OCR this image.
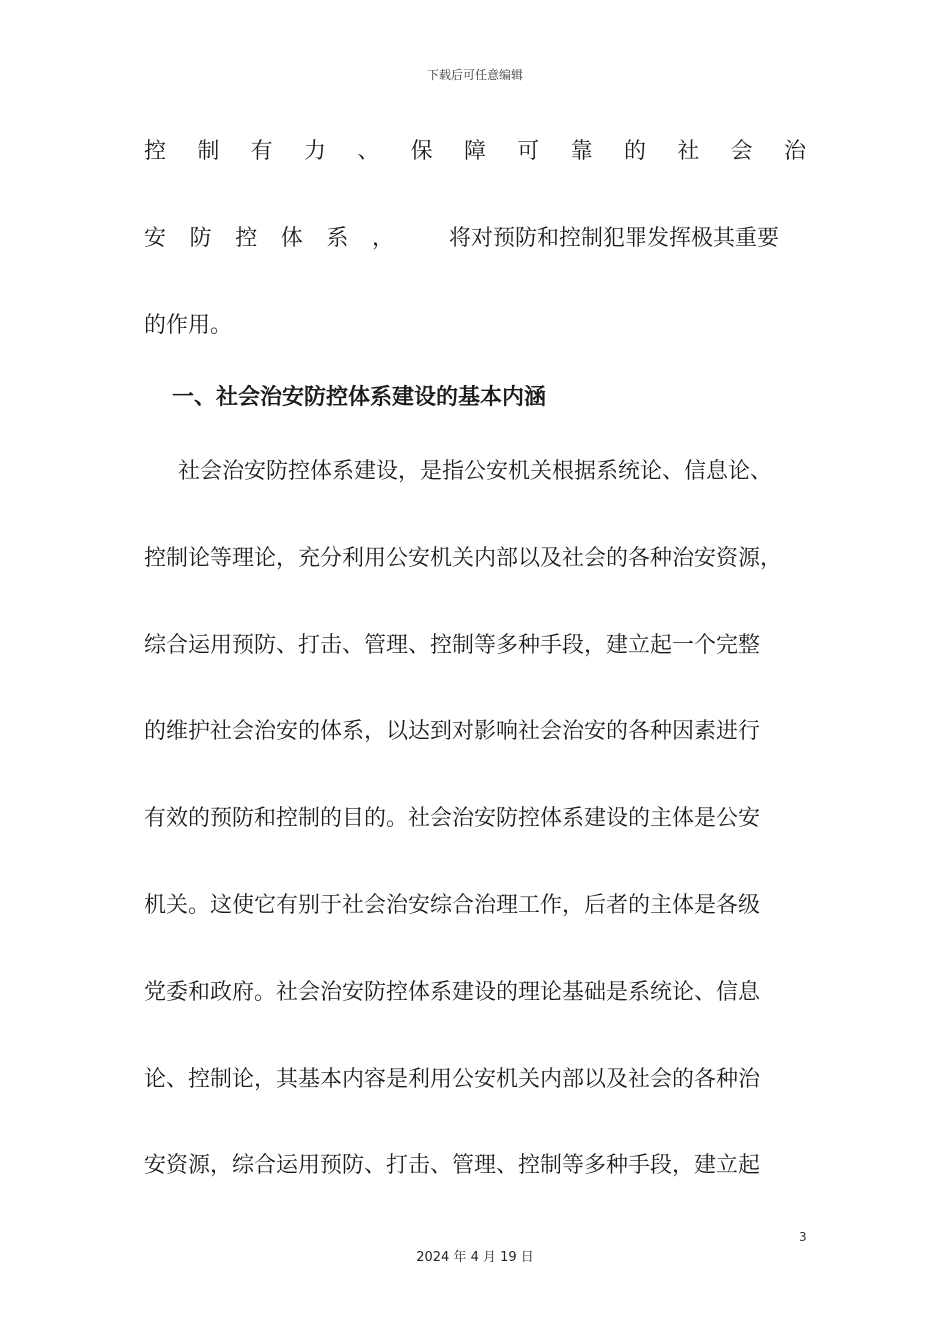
下载后可任意编辑
控 制 有 力 、 保 障 可 靠 的 社 会 治
安 防 控 体 系 ，	将对预防和控制犯罪发挥极其重要
的作用。
一、社会治安防控体系建设的基本内涵
社会治安防控体系建设，是指公安机关根据系统论、信息论、
控制论等理论，充分利用公安机关内部以及社会的各种治安资源，
综合运用预防、打击、管理、控制等多种手段，建立起一个完整
的维护社会治安的体系，以达到对影响社会治安的各种因素进行
有效的预防和控制的目的。社会治安防控体系建设的主体是公安
机关。这使它有别于社会治安综合治理工作，后者的主体是各级
党委和政府。社会治安防控体系建设的理论基础是系统论、信息
论、控制论，其基本内容是利用公安机关内部以及社会的各种治
安资源，综合运用预防、打击、管理、控制等多种手段，建立起
3
2024 年 4 月 19 日
